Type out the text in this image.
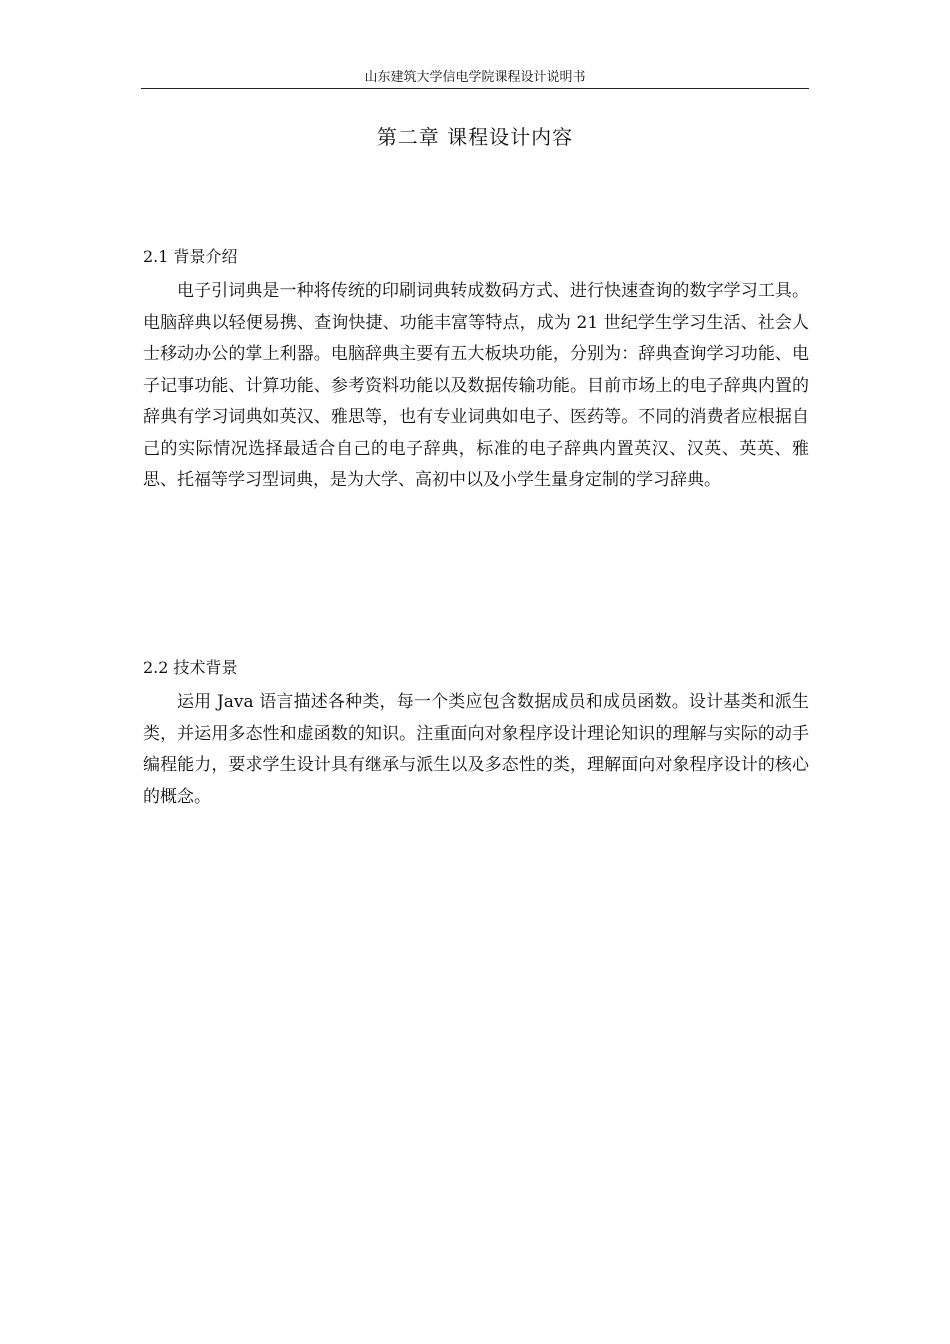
山东建筑大学信电学院课程设计说明书
第二章 课程设计内容
2.1 背景介绍

电子引词典是一种将传统的印刷词典转成数码方式、进行快速查询的数字学习工具。电脑辞典以轻便易携、查询快捷、功能丰富等特点，成为 21 世纪学生学习生活、社会人士移动办公的掌上利器。电脑辞典主要有五大板块功能，分别为：辞典查询学习功能、电子记事功能、计算功能、参考资料功能以及数据传输功能。目前市场上的电子辞典内置的辞典有学习词典如英汉、雅思等，也有专业词典如电子、医药等。不同的消费者应根据自己的实际情况选择最适合自己的电子辞典，标准的电子辞典内置英汉、汉英、英英、雅思、托福等学习型词典，是为大学、高初中以及小学生量身定制的学习辞典。

2.2 技术背景

运用 Java 语言描述各种类，每一个类应包含数据成员和成员函数。设计基类和派生类，并运用多态性和虚函数的知识。注重面向对象程序设计理论知识的理解与实际的动手编程能力，要求学生设计具有继承与派生以及多态性的类，理解面向对象程序设计的核心的概念。
